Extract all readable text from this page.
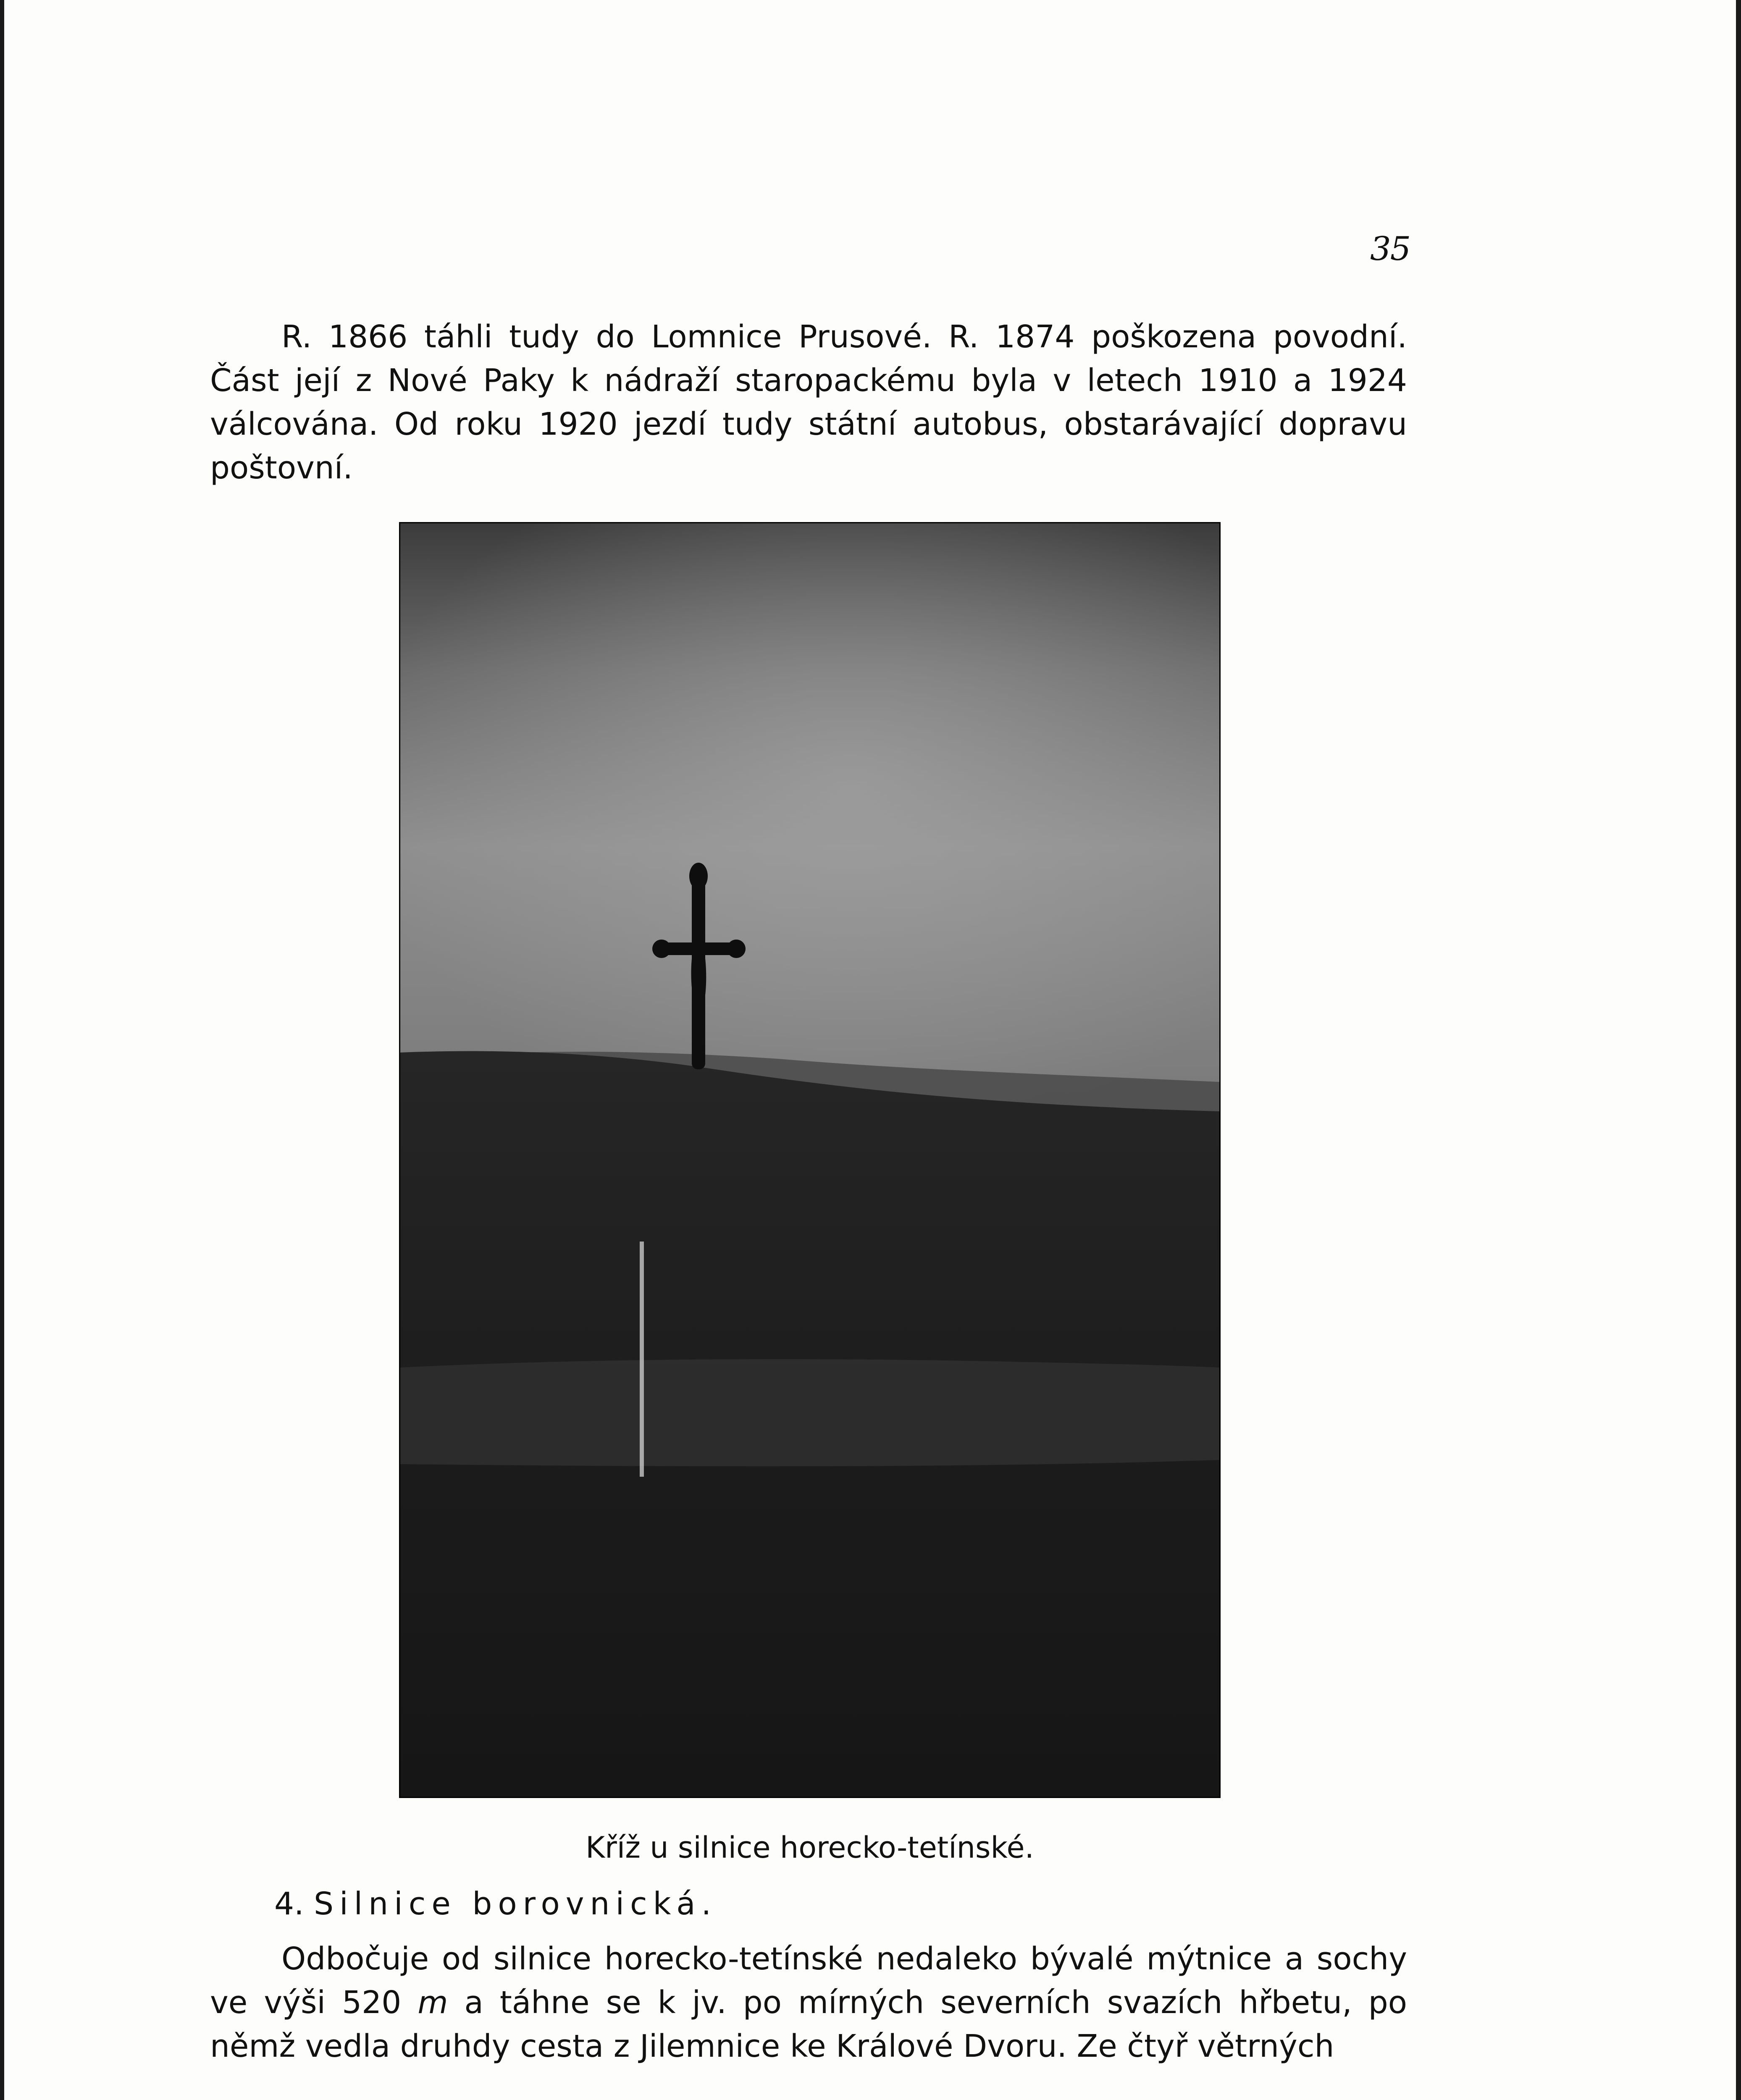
35

R. 1866 táhli tudy do Lomnice Prusové. R. 1874 poškozena povodní. Část její z Nové Paky k nádraží staropackému byla v letech 1910 a 1924 válcována. Od roku 1920 jezdí tudy státní autobus, obstarávající dopravu poštovní.

Kříž u silnice horecko-tetínské.
4. Silnice borovnická.

Odbočuje od silnice horecko-tetínské nedaleko bývalé mýtnice a sochy ve výši 520 m a táhne se k jv. po mírných severních svazích hřbetu, po němž vedla druhdy cesta z Jilemnice ke Králové Dvoru. Ze čtyř větrných
